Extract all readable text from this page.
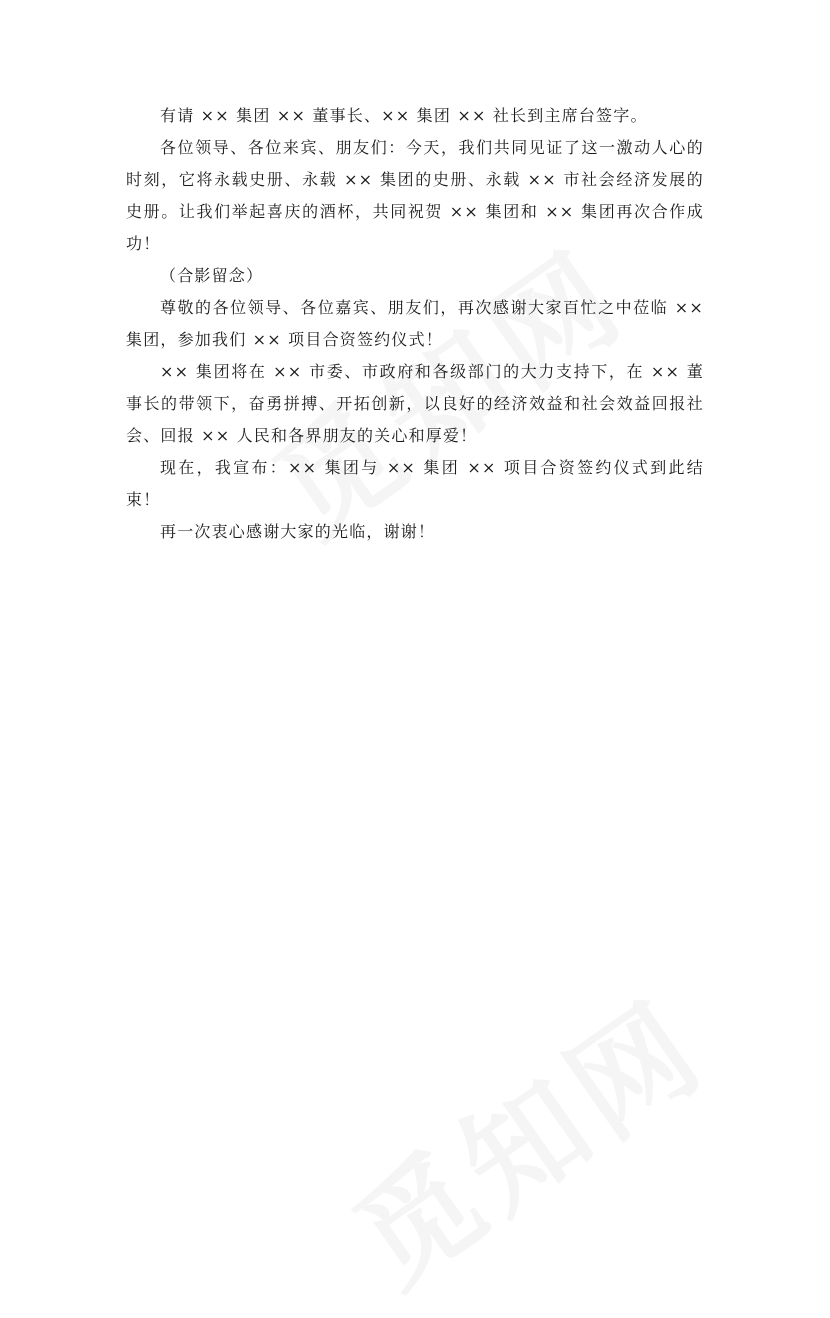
有请 ×× 集团 ×× 董事长、×× 集团 ×× 社长到主席台签字。

各位领导、各位来宾、朋友们：今天，我们共同见证了这一激动人心的时刻，它将永载史册、永载 ×× 集团的史册、永载 ×× 市社会经济发展的史册。让我们举起喜庆的酒杯，共同祝贺 ×× 集团和 ×× 集团再次合作成功！

（合影留念）

尊敬的各位领导、各位嘉宾、朋友们，再次感谢大家百忙之中莅临 ×× 集团，参加我们 ×× 项目合资签约仪式！

×× 集团将在 ×× 市委、市政府和各级部门的大力支持下，在 ×× 董事长的带领下，奋勇拼搏、开拓创新，以良好的经济效益和社会效益回报社会、回报 ×× 人民和各界朋友的关心和厚爱！

现在，我宣布：×× 集团与 ×× 集团 ×× 项目合资签约仪式到此结束！

再一次衷心感谢大家的光临，谢谢！
